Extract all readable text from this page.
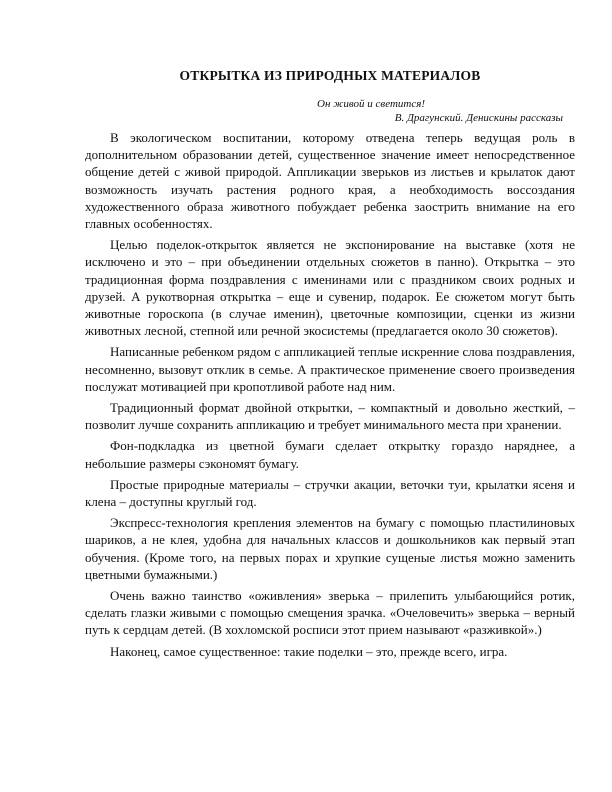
ОТКРЫТКА ИЗ ПРИРОДНЫХ МАТЕРИАЛОВ
Он живой и светится!
В. Драгунский. Денискины рассказы

В экологическом воспитании, которому отведена теперь ведущая роль в дополнительном образовании детей, существенное значение имеет непосредственное общение детей с живой природой. Аппликации зверьков из листьев и крылаток дают возможность изучать растения родного края, а необходимость воссоздания художественного образа животного побуждает ребенка заострить внимание на его главных особенностях.

Целью поделок-открыток является не экспонирование на выставке (хотя не исключено и это – при объединении отдельных сюжетов в панно). Открытка – это традиционная форма поздравления с именинами или с праздником своих родных и друзей. А рукотворная открытка – еще и сувенир, подарок. Ее сюжетом могут быть животные гороскопа (в случае именин), цветочные композиции, сценки из жизни животных лесной, степной или речной экосистемы (предлагается около 30 сюжетов).

Написанные ребенком рядом с аппликацией теплые искренние слова поздравления, несомненно, вызовут отклик в семье. А практическое применение своего произведения послужат мотивацией при кропотливой работе над ним.

Традиционный формат двойной открытки, – компактный и довольно жесткий, – позволит лучше сохранить аппликацию и требует минимального места при хранении.

Фон-подкладка из цветной бумаги сделает открытку гораздо наряднее, а небольшие размеры сэкономят бумагу.

Простые природные материалы – стручки акации, веточки туи, крылатки ясеня и клена – доступны круглый год.

Экспресс-технология крепления элементов на бумагу с помощью пластилиновых шариков, а не клея, удобна для начальных классов и дошкольников как первый этап обучения. (Кроме того, на первых порах и хрупкие сущеные листья можно заменить цветными бумажными.)

Очень важно таинство «оживления» зверька – прилепить улыбающийся ротик, сделать глазки живыми с помощью смещения зрачка. «Очеловечить» зверька – верный путь к сердцам детей. (В хохломской росписи этот прием называют «разживкой».)

Наконец, самое существенное: такие поделки – это, прежде всего, игра.
